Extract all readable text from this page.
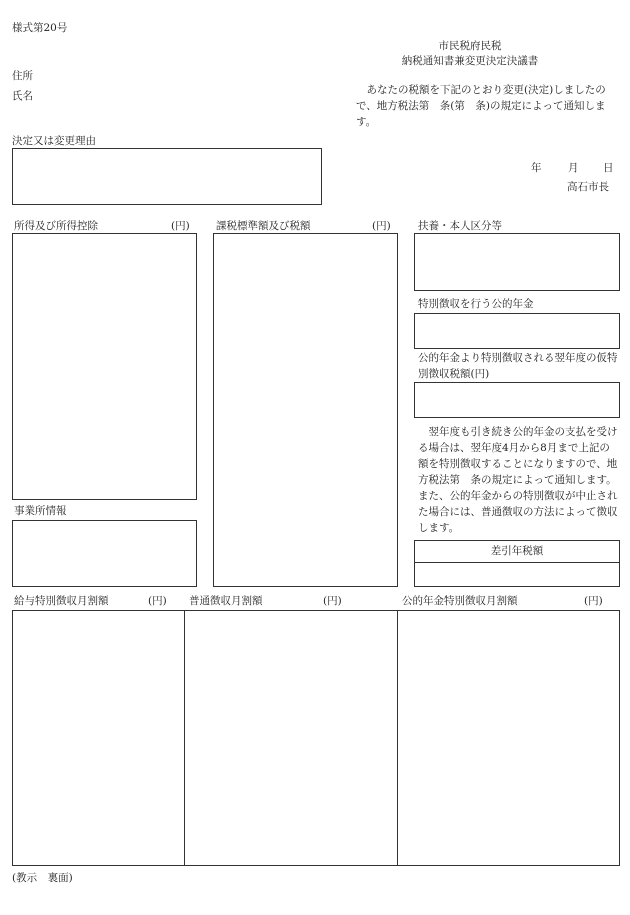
様式第20号
市民税府民税
納税通知書兼変更決定決議書
住所
氏名	　あなたの税額を下記のとおり変更(決定)しましたので、地方税法第　条(第　条)の規定によって通知します。
決定又は変更理由
年	月 日
高石市長
所得及び所得控除	(円)	課税標準額及び税額	(円)	扶養・本人区分等
特別徴収を行う公的年金
公的年金より特別徴収される翌年度の仮特別徴収税額(円)
　翌年度も引き続き公的年金の支払を受ける場合は、翌年度4月から8月まで上記の額を特別徴収することになりますので、地方税法第　条の規定によって通知します。また、公的年金からの特別徴収が中止された場合には、普通徴収の方法によって徴収します。
差引年税額
事業所情報
給与特別徴収月割額	(円) 普通徴収月割額	(円)	公的年金特別徴収月割額	(円)
(教示　裏面)
